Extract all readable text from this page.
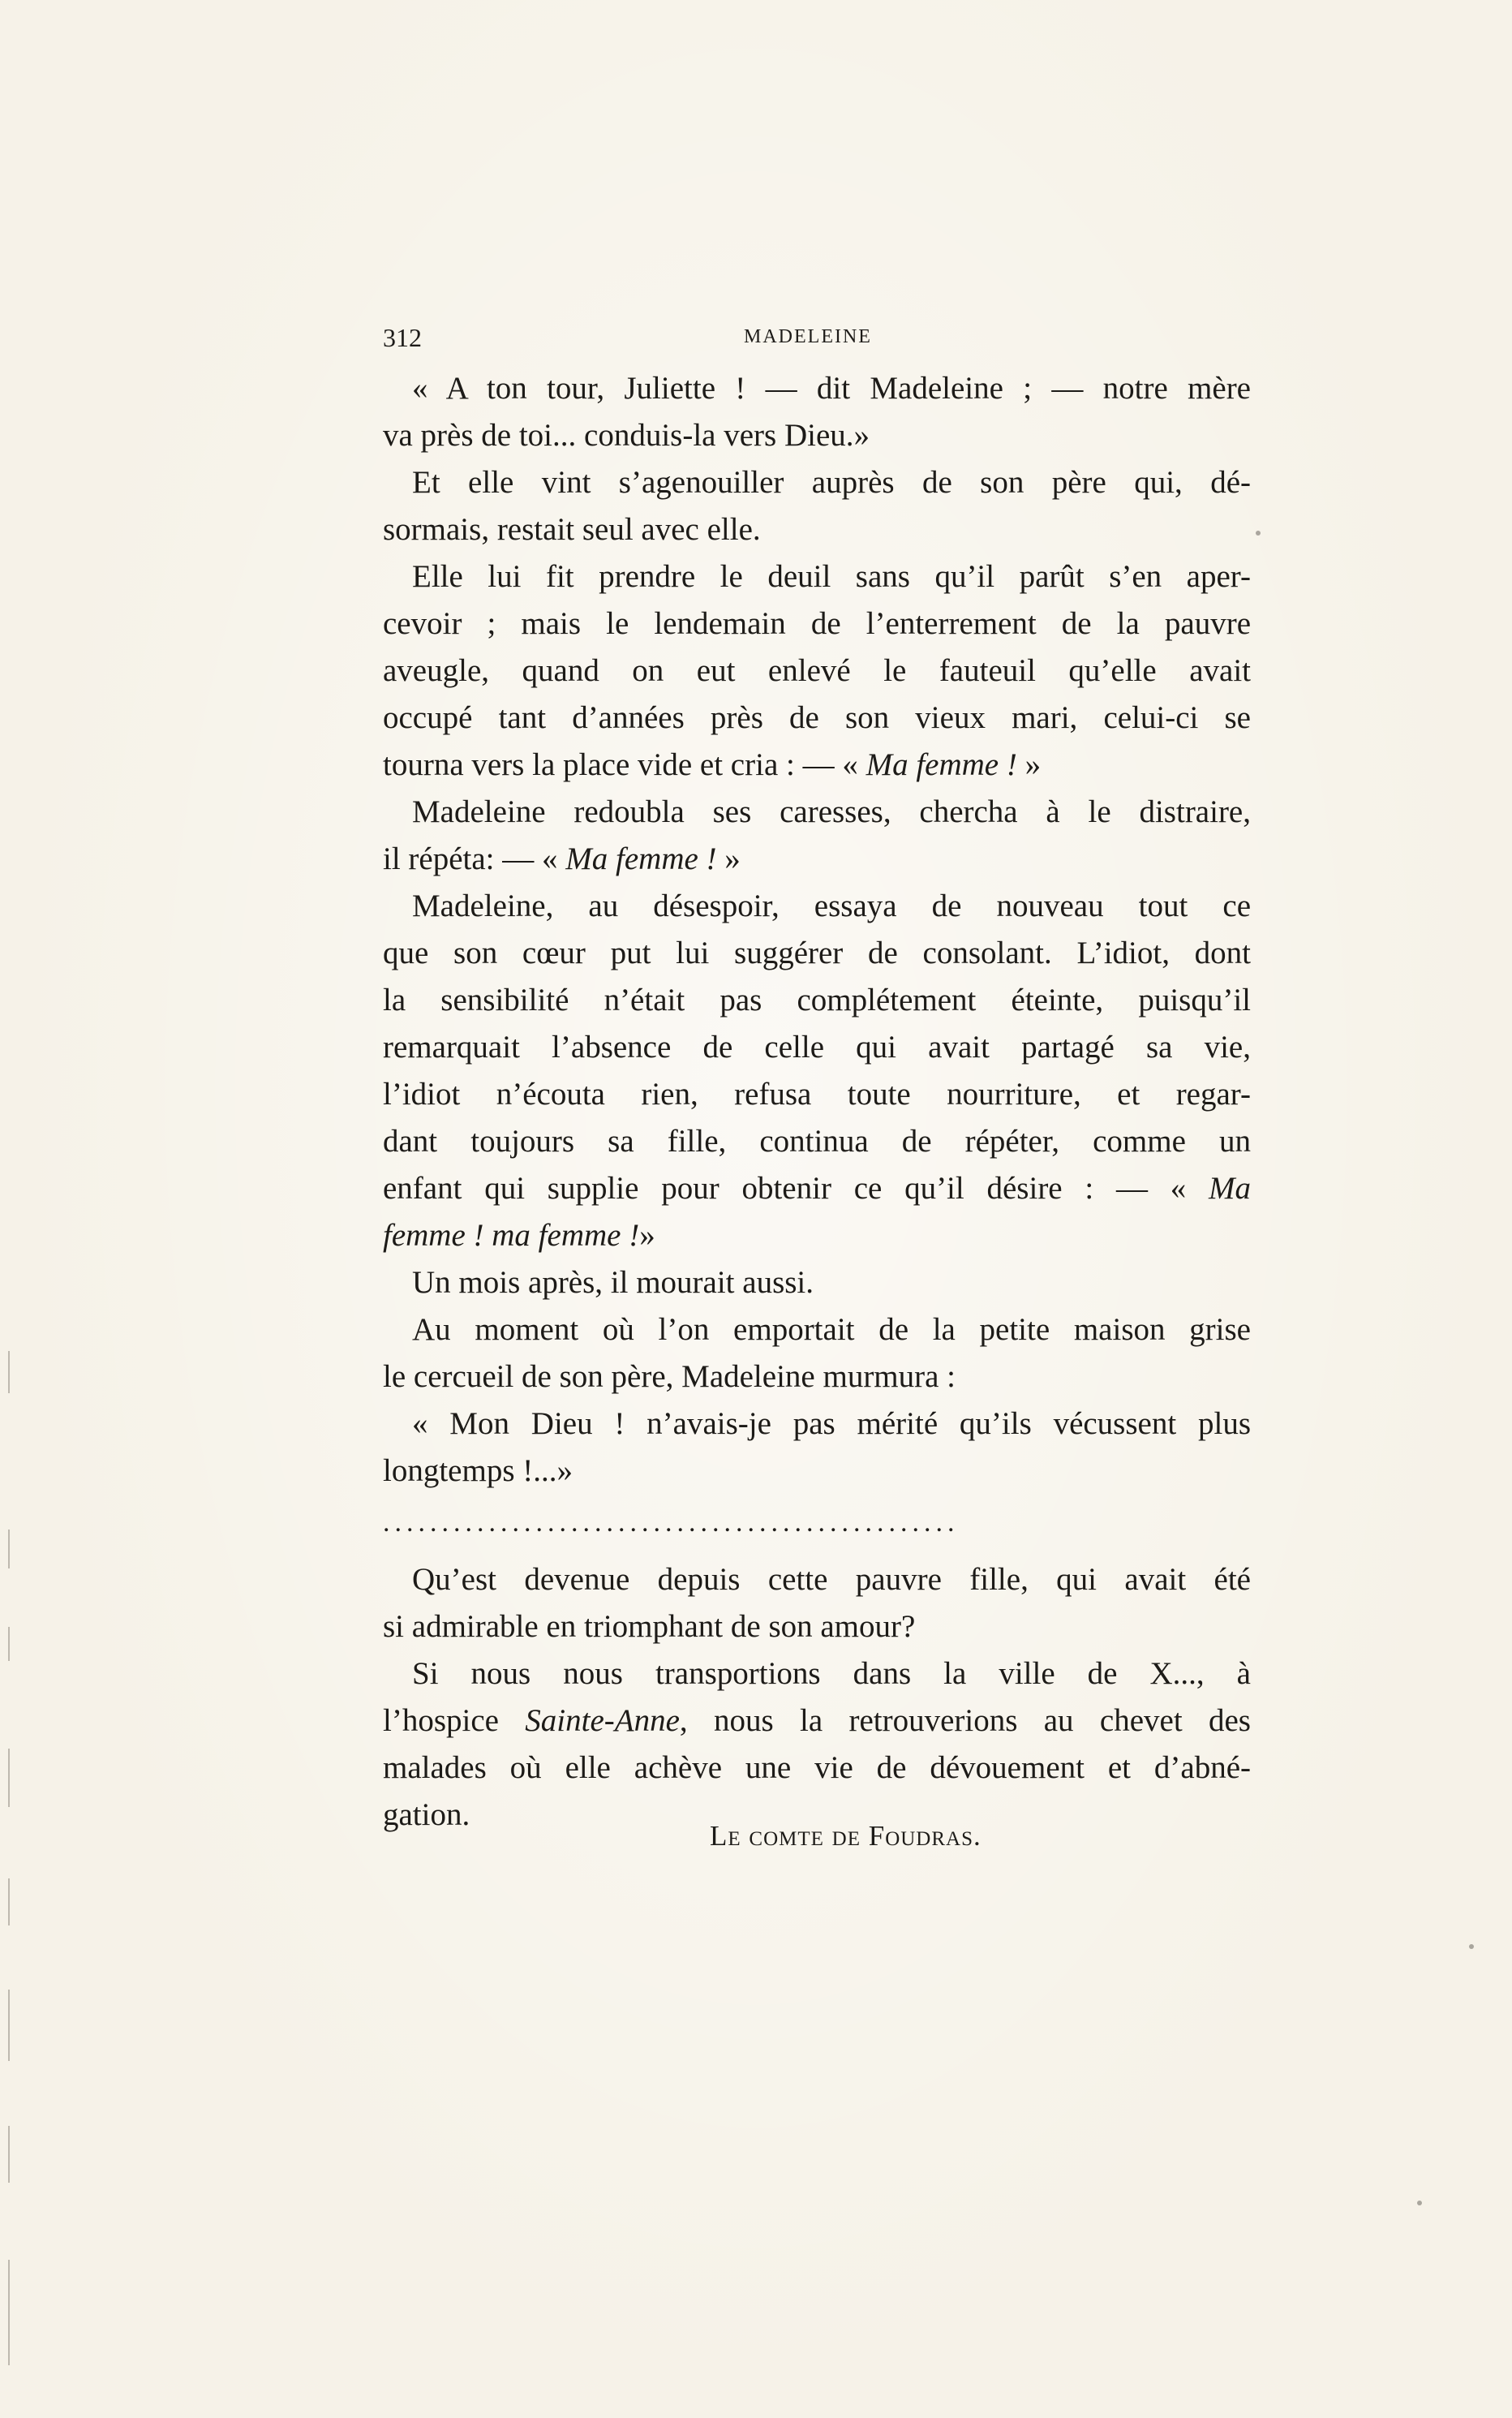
312	MADELEINE
« A ton tour, Juliette ! — dit Madeleine ; — notre mère
va près de toi... conduis-la vers Dieu.»
Et elle vint s’agenouiller auprès de son père qui, dé-
sormais, restait seul avec elle.
Elle lui fit prendre le deuil sans qu’il parût s’en aper-
cevoir ; mais le lendemain de l’enterrement de la pauvre
aveugle, quand on eut enlevé le fauteuil qu’elle avait
occupé tant d’années près de son vieux mari, celui-ci se
tourna vers la place vide et cria : — « Ma femme ! »
Madeleine redoubla ses caresses, chercha à le distraire,
il répéta: — « Ma femme ! »
Madeleine, au désespoir, essaya de nouveau tout ce
que son cœur put lui suggérer de consolant. L’idiot, dont
la sensibilité n’était pas complétement éteinte, puisqu’il
remarquait l’absence de celle qui avait partagé sa vie,
l’idiot n’écouta rien, refusa toute nourriture, et regar-
dant toujours sa fille, continua de répéter, comme un
enfant qui supplie pour obtenir ce qu’il désire : — « Ma
femme ! ma femme !»
Un mois après, il mourait aussi.
Au moment où l’on emportait de la petite maison grise
le cercueil de son père, Madeleine murmura :
« Mon Dieu ! n’avais-je pas mérité qu’ils vécussent plus
longtemps !...»
.................................................
Qu’est devenue depuis cette pauvre fille, qui avait été
si admirable en triomphant de son amour?
Si nous nous transportions dans la ville de X..., à
l’hospice Sainte-Anne, nous la retrouverions au chevet des
malades où elle achève une vie de dévouement et d’abné-
gation.
Le comte de Foudras.
